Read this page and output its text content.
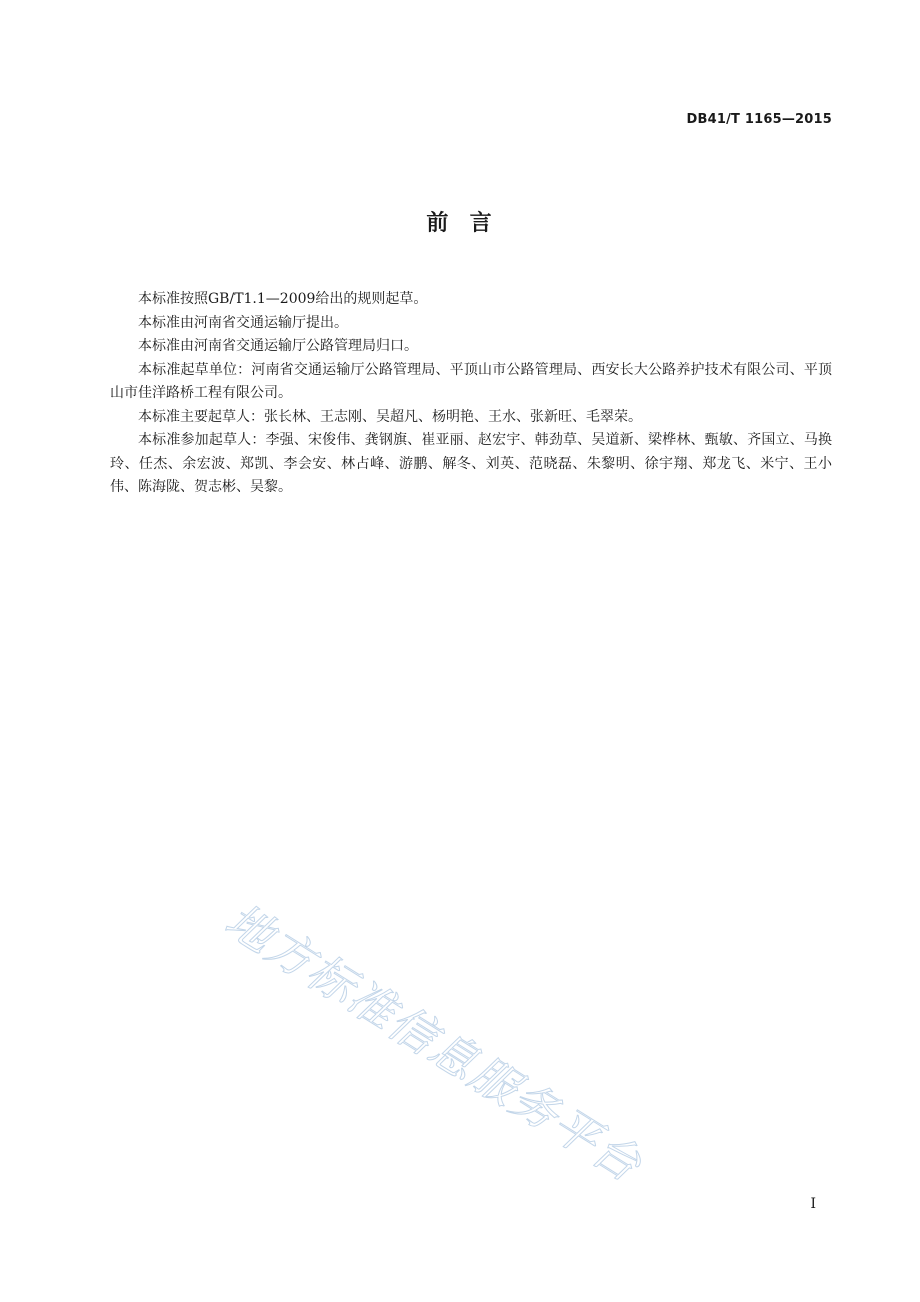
DB41/T 1165—2015
前  言

本标准按照GB/T1.1—2009给出的规则起草。

本标准由河南省交通运输厅提出。

本标准由河南省交通运输厅公路管理局归口。

本标准起草单位：河南省交通运输厅公路管理局、平顶山市公路管理局、西安长大公路养护技术有限公司、平顶山市佳洋路桥工程有限公司。

本标准主要起草人：张长林、王志刚、吴超凡、杨明艳、王水、张新旺、毛翠荣。

本标准参加起草人：李强、宋俊伟、龚钢旗、崔亚丽、赵宏宇、韩劲草、吴道新、梁桦林、甄敏、齐国立、马换玲、任杰、余宏波、郑凯、李会安、林占峰、游鹏、解冬、刘英、范晓磊、朱黎明、徐宇翔、郑龙飞、米宁、王小伟、陈海陇、贺志彬、吴黎。

地方标准信息服务平台
I
